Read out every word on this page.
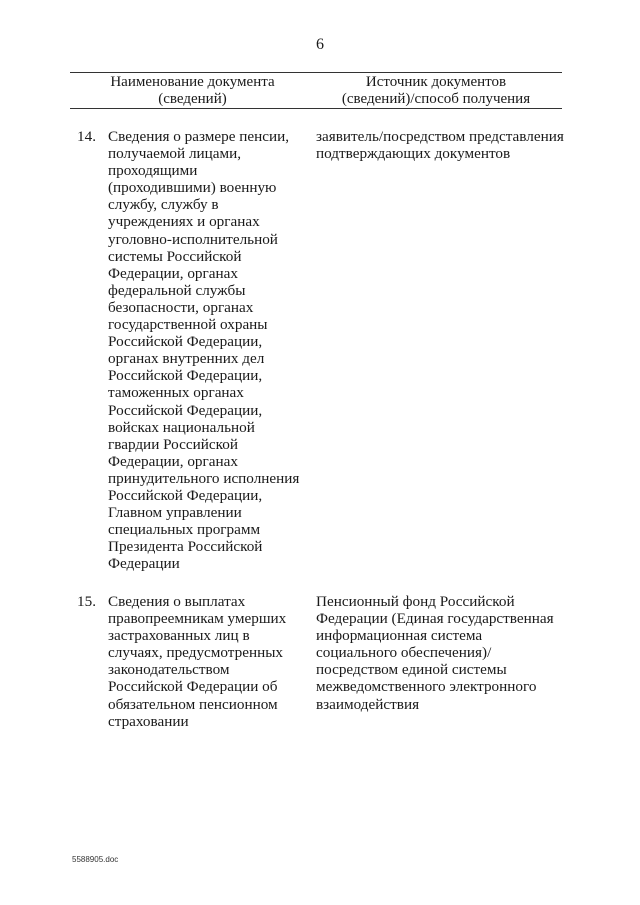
6
Наименование документа
(сведений)
Источник документов
(сведений)/способ получения
14. Сведения о размере пенсии,
получаемой лицами,
проходящими
(проходившими) военную
службу, службу в
учреждениях и органах
уголовно-исполнительной
системы Российской
Федерации, органах
федеральной службы
безопасности, органах
государственной охраны
Российской Федерации,
органах внутренних дел
Российской Федерации,
таможенных органах
Российской Федерации,
войсках национальной
гвардии Российской
Федерации, органах
принудительного исполнения
Российской Федерации,
Главном управлении
специальных программ
Президента Российской
Федерации
заявитель/посредством представления
подтверждающих документов
15. Сведения о выплатах
правопреемникам умерших
застрахованных лиц в
случаях, предусмотренных
законодательством
Российской Федерации об
обязательном пенсионном
страховании
Пенсионный фонд Российской
Федерации (Единая государственная
информационная система
социального обеспечения)/
посредством единой системы
межведомственного электронного
взаимодействия
5588905.doc
